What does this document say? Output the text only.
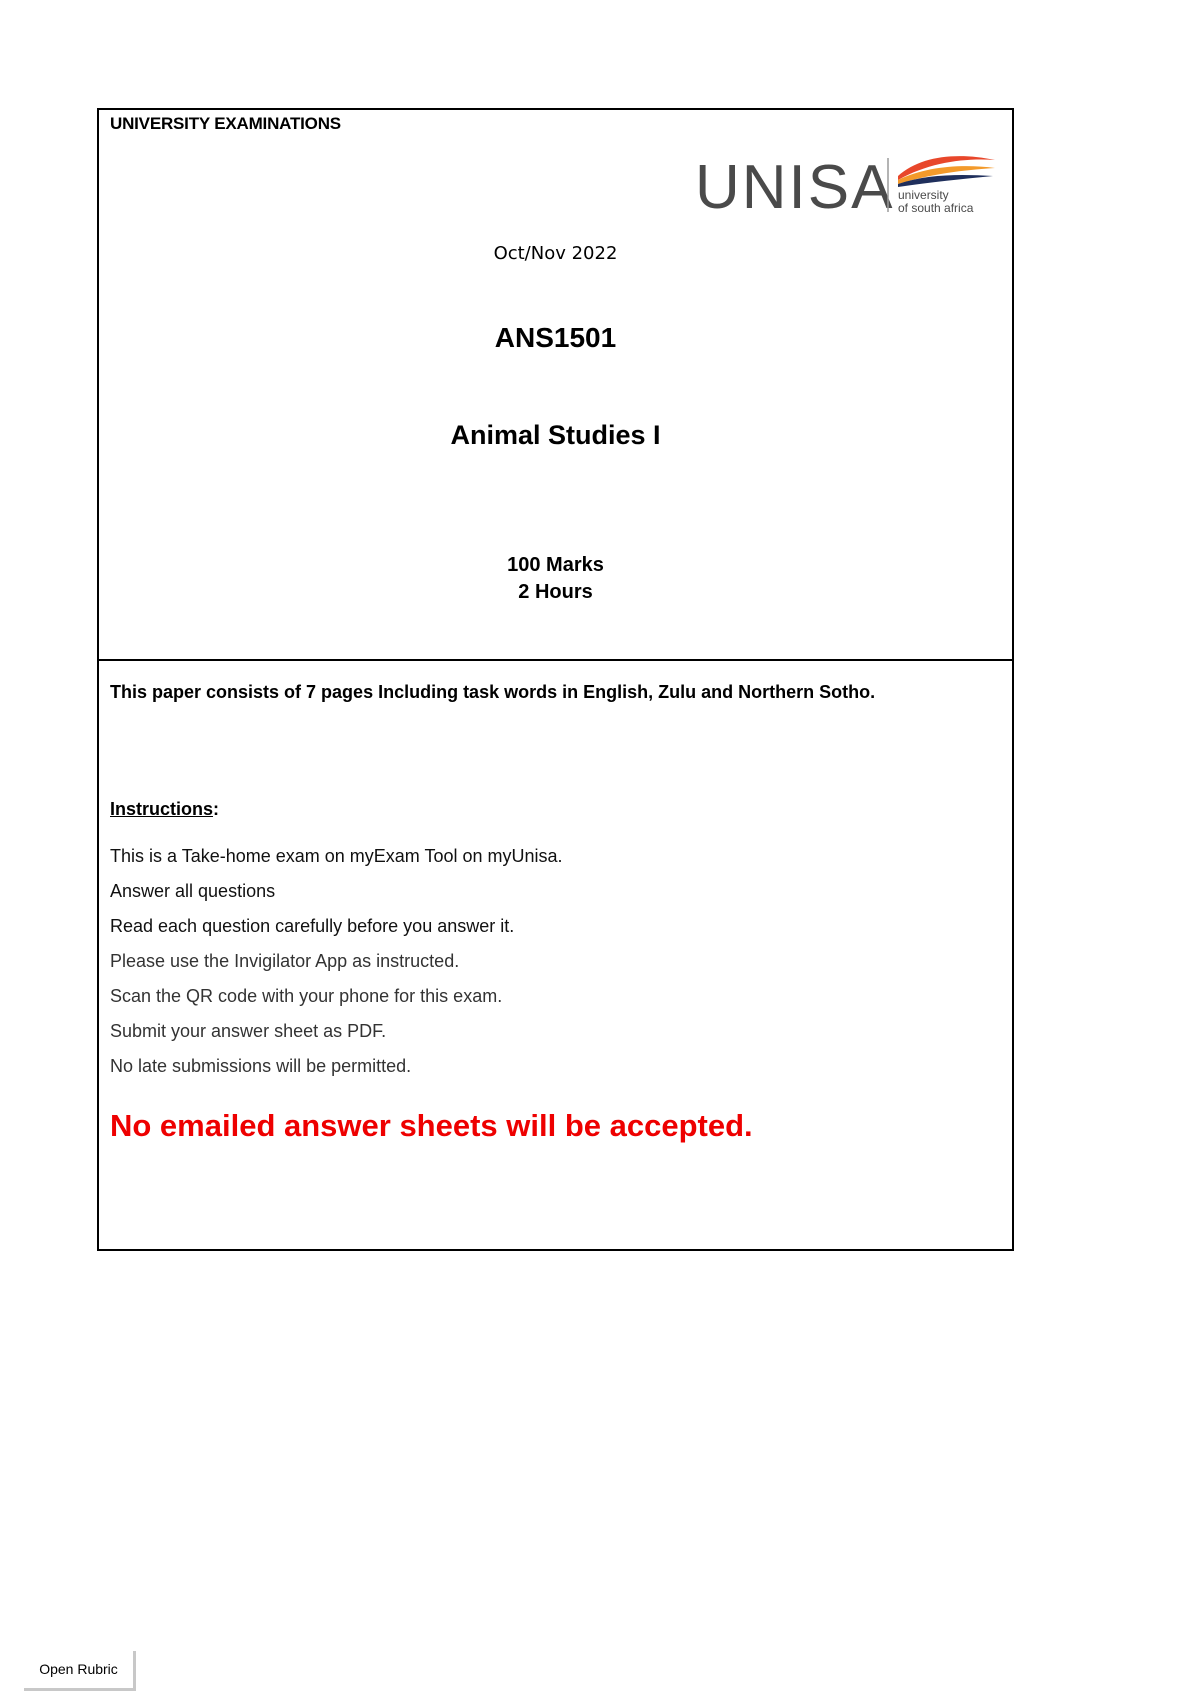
UNIVERSITY EXAMINATIONS
UNISA university
of south africa
Oct/Nov 2022
ANS1501
Animal Studies I
100 Marks
2 Hours
This paper consists of 7 pages Including task words in English, Zulu and Northern Sotho.
Instructions:
This is a Take-home exam on myExam Tool on myUnisa.
Answer all questions
Read each question carefully before you answer it.
Please use the Invigilator App as instructed.
Scan the QR code with your phone for this exam.
Submit your answer sheet as PDF.
No late submissions will be permitted.
No emailed answer sheets will be accepted.
Open Rubric
